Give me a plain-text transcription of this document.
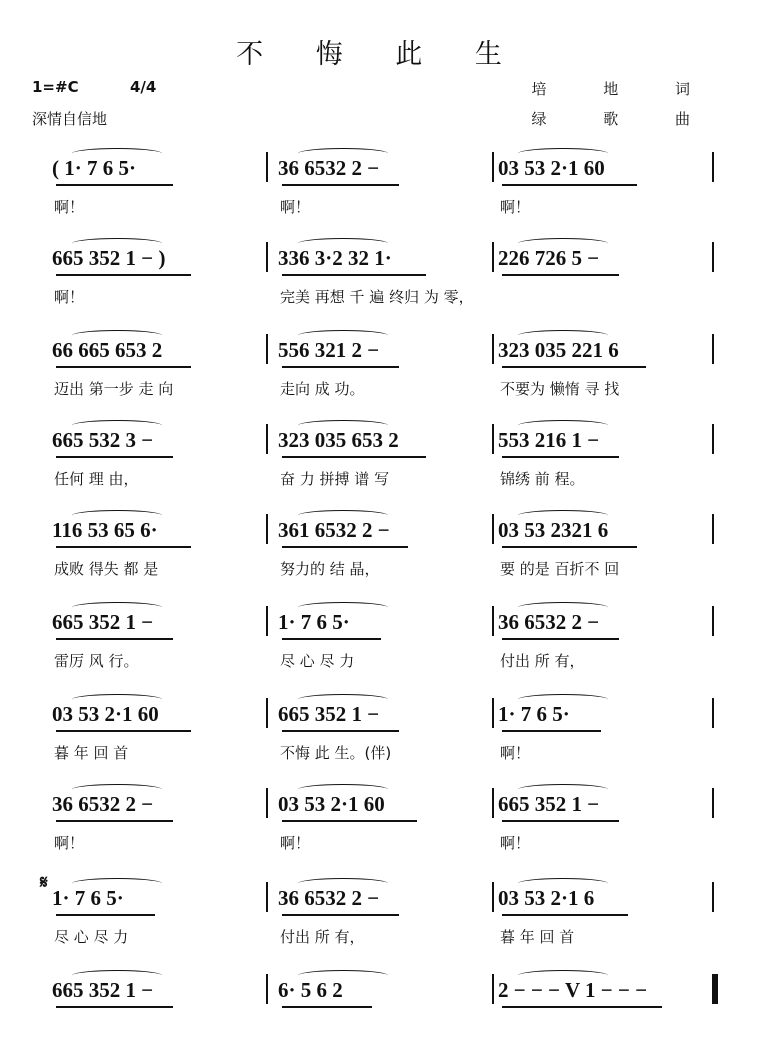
不 悔 此 生
1=#C	4/4
深情自信地
培 地 词
绿 歌 曲
𝄋
( 1· 7 6 5·	36 6532 2 −	03 53 2·1 60
啊！	啊！	啊！
665 352 1 − )	336 3·2 32 1·	226 726 5 −
啊！	完美 再想 千 遍 终归 为 零，
66 665 653 2	556 321 2 −	323 035 221 6
迈出 第一步 走 向	走向 成 功。	不要为 懒惰 寻 找
665 532 3 −	323 035 653 2	553 216 1 −
任何 理 由，	奋 力 拼搏 谱 写	锦绣 前 程。
116 53 65 6·	361 6532 2 −	03 53 2321 6
成败 得失 都 是	努力的 结 晶，	要 的是 百折不 回
665 352 1 −	1· 7 6 5·	36 6532 2 −
雷厉 风 行。	尽 心 尽 力	付出 所 有，
03 53 2·1 60	665 352 1 −	1· 7 6 5·
暮 年 回 首	不悔 此 生。(伴)	啊！
36 6532 2 −	03 53 2·1 60	665 352 1 −
啊！	啊！	啊！
1· 7 6 5·	36 6532 2 −	03 53 2·1 6
尽 心 尽 力	付出 所 有，	暮 年 回 首
665 352 1 −	6· 5 6 2	2 − − − V 1 − − −
